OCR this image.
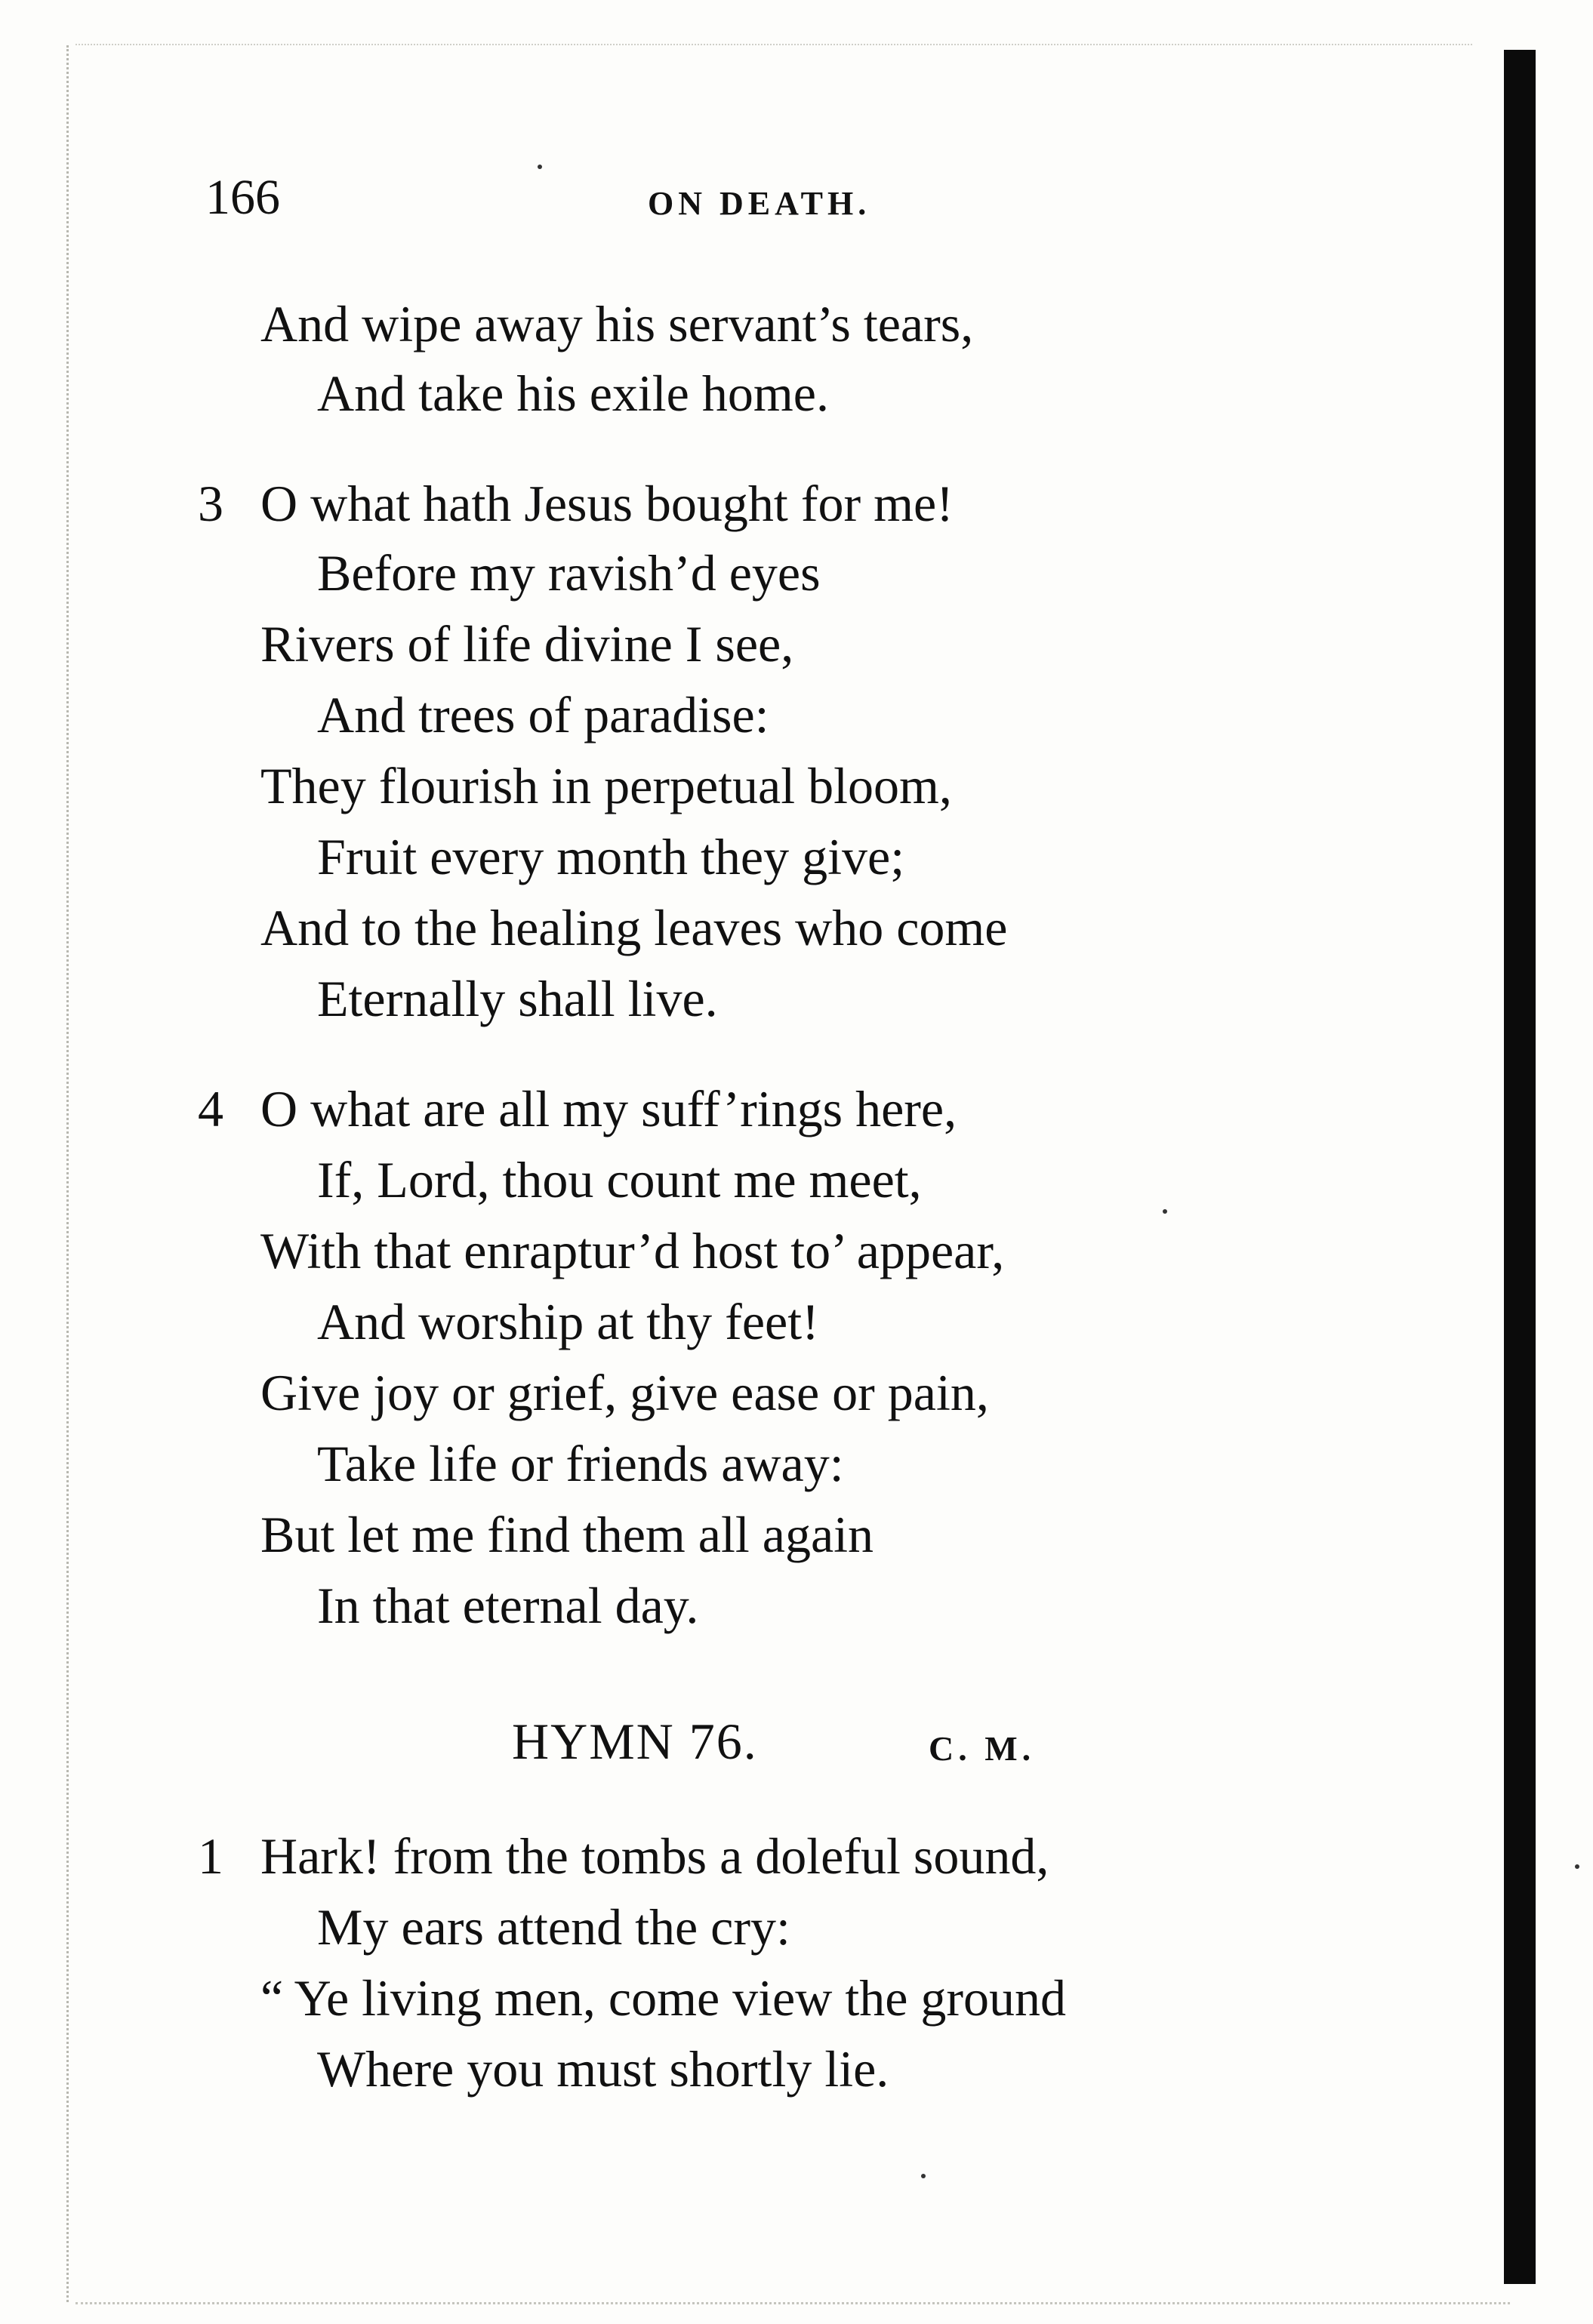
166	ON DEATH.
And wipe away his servant’s tears,
And take his exile home.
3 O what hath Jesus bought for me!
Before my ravish’d eyes
Rivers of life divine I see,
And trees of paradise:
They flourish in perpetual bloom,
Fruit every month they give;
And to the healing leaves who come
Eternally shall live.
4 O what are all my suff’rings here,
If, Lord, thou count me meet,
With that enraptur’d host to’ appear,
And worship at thy feet!
Give joy or grief, give ease or pain,
Take life or friends away:
But let me find them all again
In that eternal day.
HYMN 76.	C. M.
1 Hark! from the tombs a doleful sound,
My ears attend the cry:
“ Ye living men, come view the ground
Where you must shortly lie.
